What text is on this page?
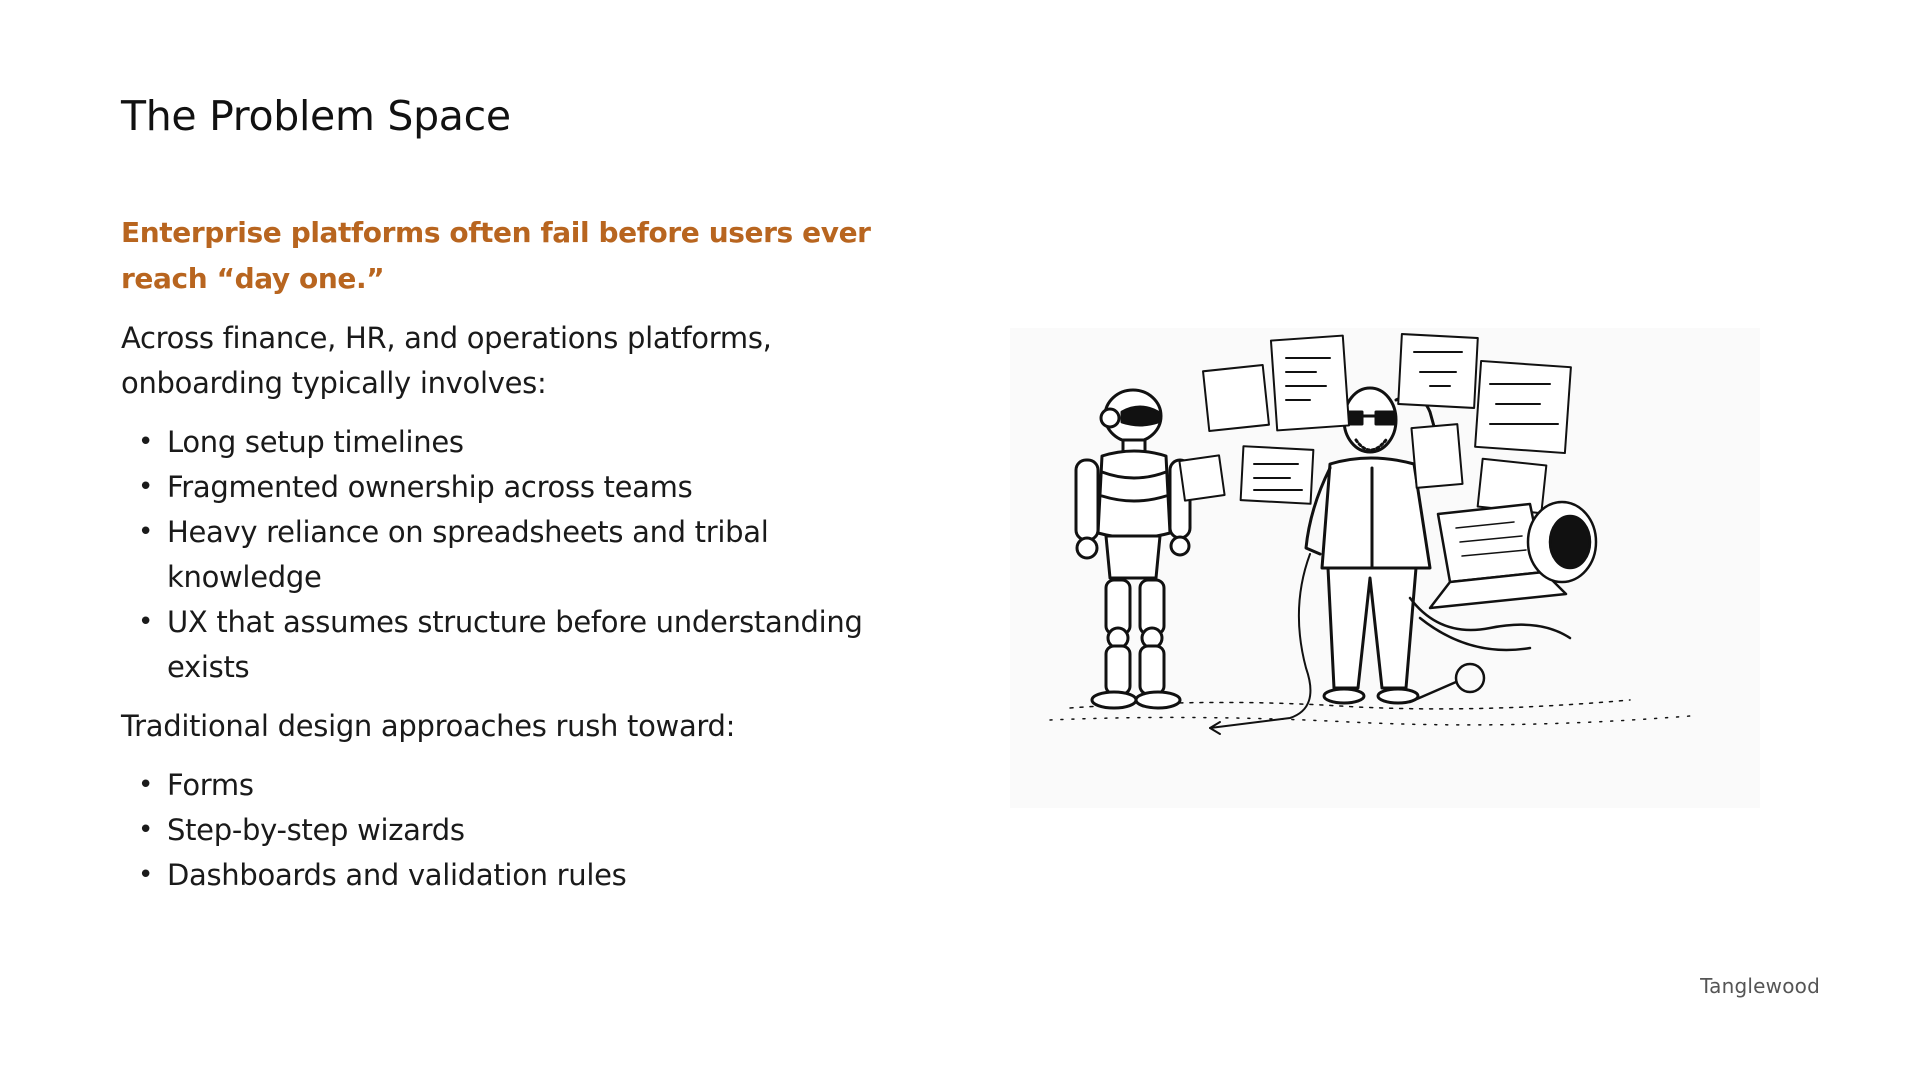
The Problem Space

Enterprise platforms often fail before users ever reach “day one.”

Across finance, HR, and operations platforms, onboarding typically involves:

• Long setup timelines
• Fragmented ownership across teams
• Heavy reliance on spreadsheets and tribal knowledge
• UX that assumes structure before understanding exists

Traditional design approaches rush toward:

• Forms
• Step-by-step wizards
• Dashboards and validation rules
Tanglewood
